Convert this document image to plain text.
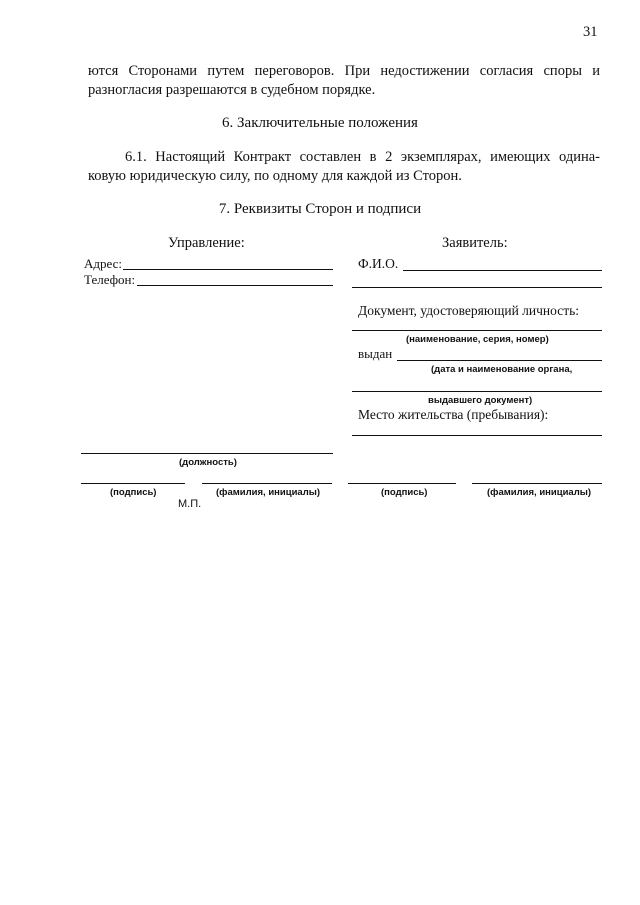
31
ются Сторонами путем переговоров. При недостижении согласия споры и
разногласия разрешаются в судебном порядке.
6. Заключительные положения
6.1. Настоящий Контракт составлен в 2 экземплярах, имеющих одина-
ковую юридическую силу, по одному для каждой из Сторон.
7. Реквизиты Сторон и подписи
Управление:
Адрес:
Телефон:
(должность)
(подпись)	(фамилия, инициалы)
М.П.
Заявитель:
Ф.И.О.
Документ, удостоверяющий личность:
(наименование, серия, номер)
выдан
(дата и наименование органа,
выдавшего документ)
Место жительства (пребывания):
(подпись)	(фамилия, инициалы)
